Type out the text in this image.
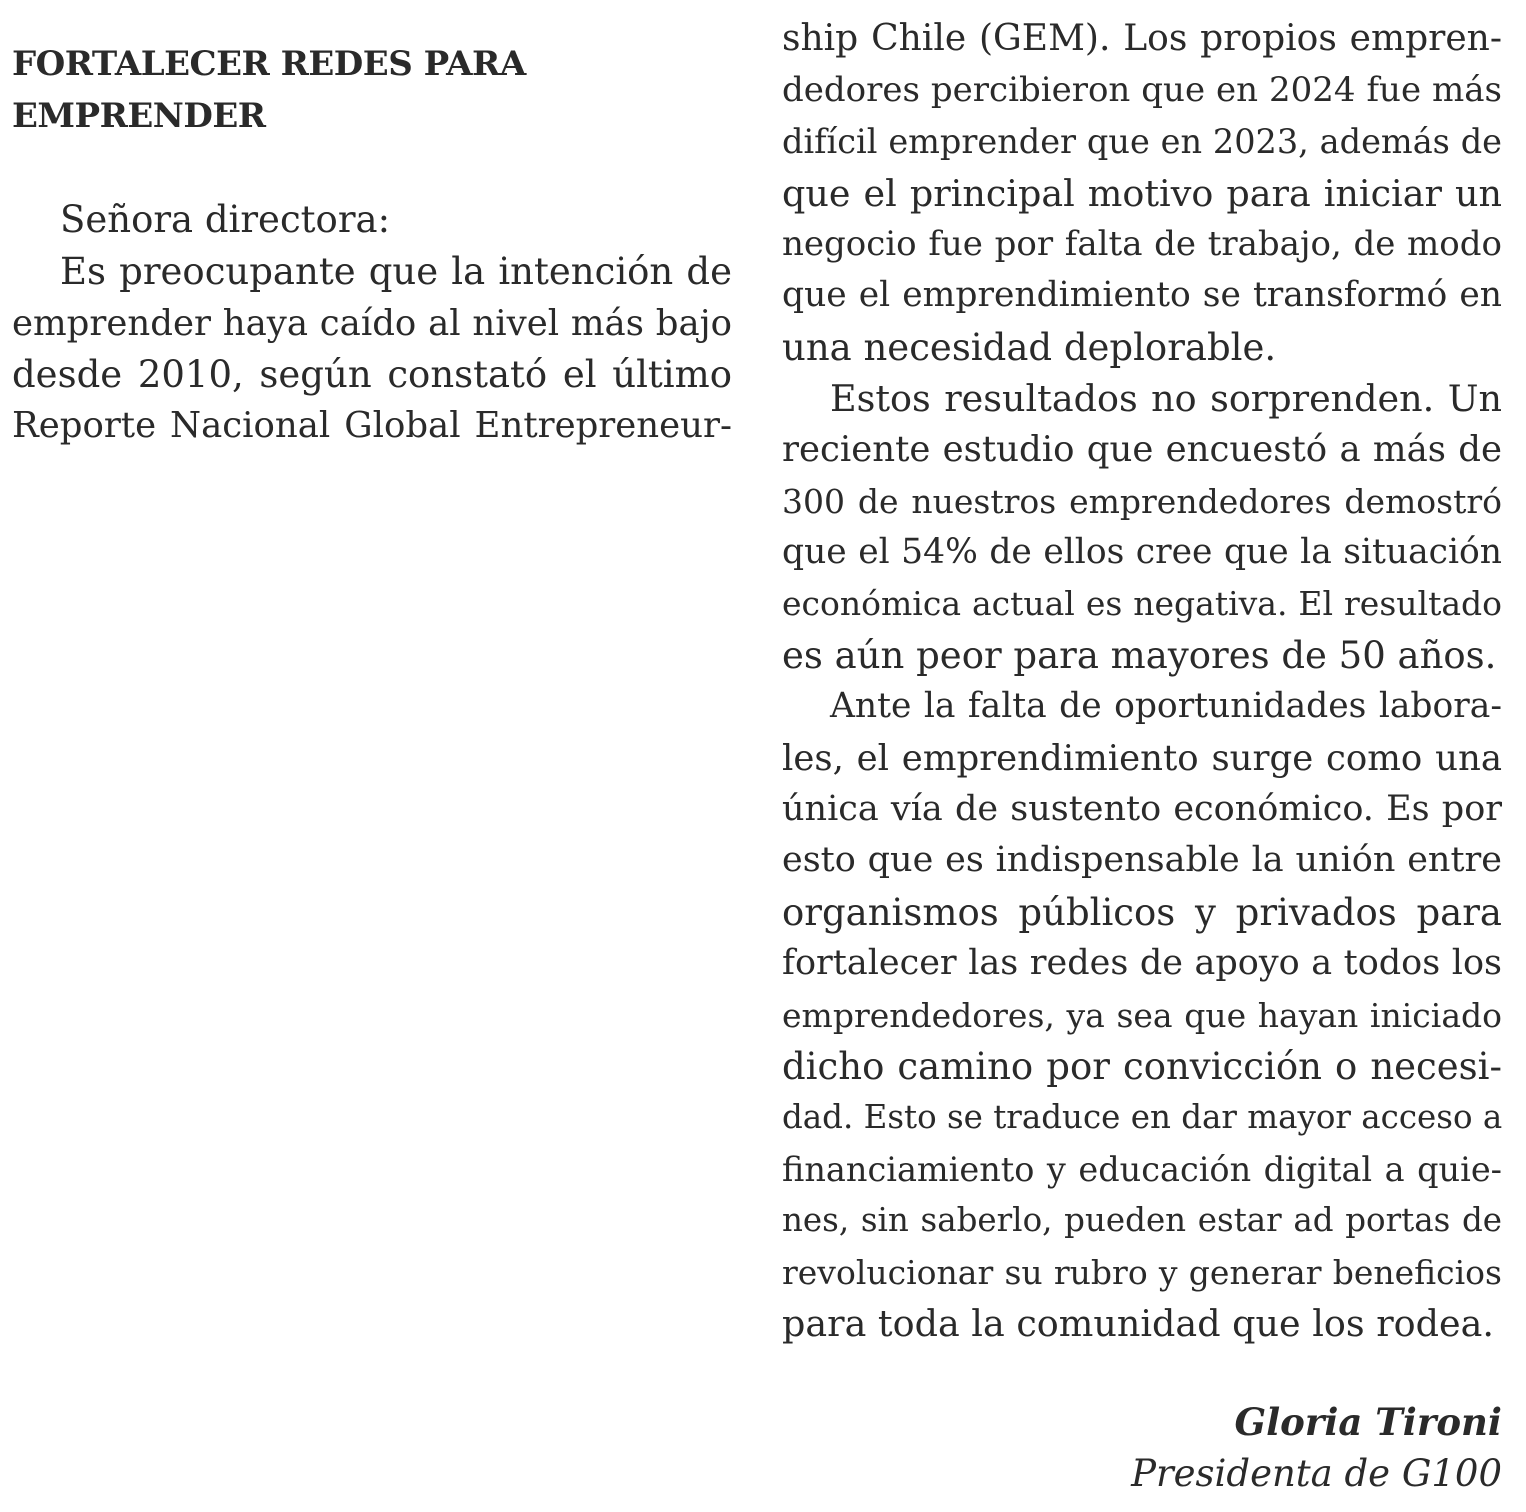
FORTALECER REDES PARA
EMPRENDER
Señora directora:
Es preocupante que la intención de
emprender haya caído al nivel más bajo
desde 2010, según constató el último
Reporte Nacional Global Entrepreneur-
ship Chile (GEM). Los propios empren-
dedores percibieron que en 2024 fue más
difícil emprender que en 2023, además de
que el principal motivo para iniciar un
negocio fue por falta de trabajo, de modo
que el emprendimiento se transformó en
una necesidad deplorable.
Estos resultados no sorprenden. Un
reciente estudio que encuestó a más de
300 de nuestros emprendedores demostró
que el 54% de ellos cree que la situación
económica actual es negativa. El resultado
es aún peor para mayores de 50 años.
Ante la falta de oportunidades labora-
les, el emprendimiento surge como una
única vía de sustento económico. Es por
esto que es indispensable la unión entre
organismos públicos y privados para
fortalecer las redes de apoyo a todos los
emprendedores, ya sea que hayan iniciado
dicho camino por convicción o necesi-
dad. Esto se traduce en dar mayor acceso a
financiamiento y educación digital a quie-
nes, sin saberlo, pueden estar ad portas de
revolucionar su rubro y generar beneficios
para toda la comunidad que los rodea.
Gloria Tironi
Presidenta de G100
